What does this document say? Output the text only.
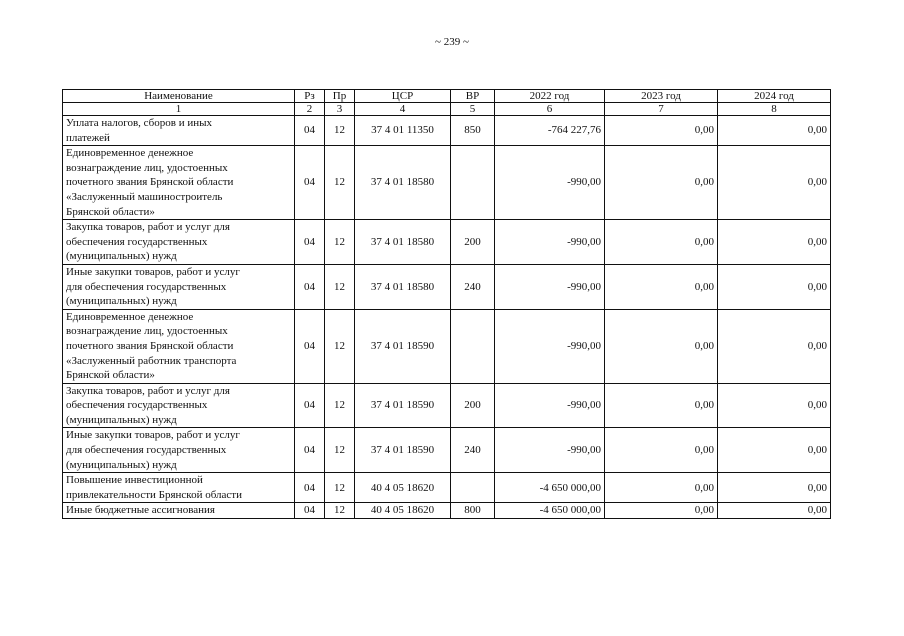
~ 239 ~
Наименование	Рз	Пр	ЦСР	ВР	2022 год	2023 год	2024 год
1	2	3	4	5	6	7	8
Уплата налогов, сборов и иных
платежей	04	12	37 4 01 11350	850	-764 227,76	0,00	0,00
Единовременное денежное
вознаграждение лиц, удостоенных
почетного звания Брянской области
«Заслуженный машиностроитель
Брянской области»	04	12	37 4 01 18580		-990,00	0,00	0,00
Закупка товаров, работ и услуг для
обеспечения государственных
(муниципальных) нужд	04	12	37 4 01 18580	200	-990,00	0,00	0,00
Иные закупки товаров, работ и услуг
для обеспечения государственных
(муниципальных) нужд	04	12	37 4 01 18580	240	-990,00	0,00	0,00
Единовременное денежное
вознаграждение лиц, удостоенных
почетного звания Брянской области
«Заслуженный работник транспорта
Брянской области»	04	12	37 4 01 18590		-990,00	0,00	0,00
Закупка товаров, работ и услуг для
обеспечения государственных
(муниципальных) нужд	04	12	37 4 01 18590	200	-990,00	0,00	0,00
Иные закупки товаров, работ и услуг
для обеспечения государственных
(муниципальных) нужд	04	12	37 4 01 18590	240	-990,00	0,00	0,00
Повышение инвестиционной
привлекательности Брянской области	04	12	40 4 05 18620		-4 650 000,00	0,00	0,00
Иные бюджетные ассигнования	04	12	40 4 05 18620	800	-4 650 000,00	0,00	0,00
